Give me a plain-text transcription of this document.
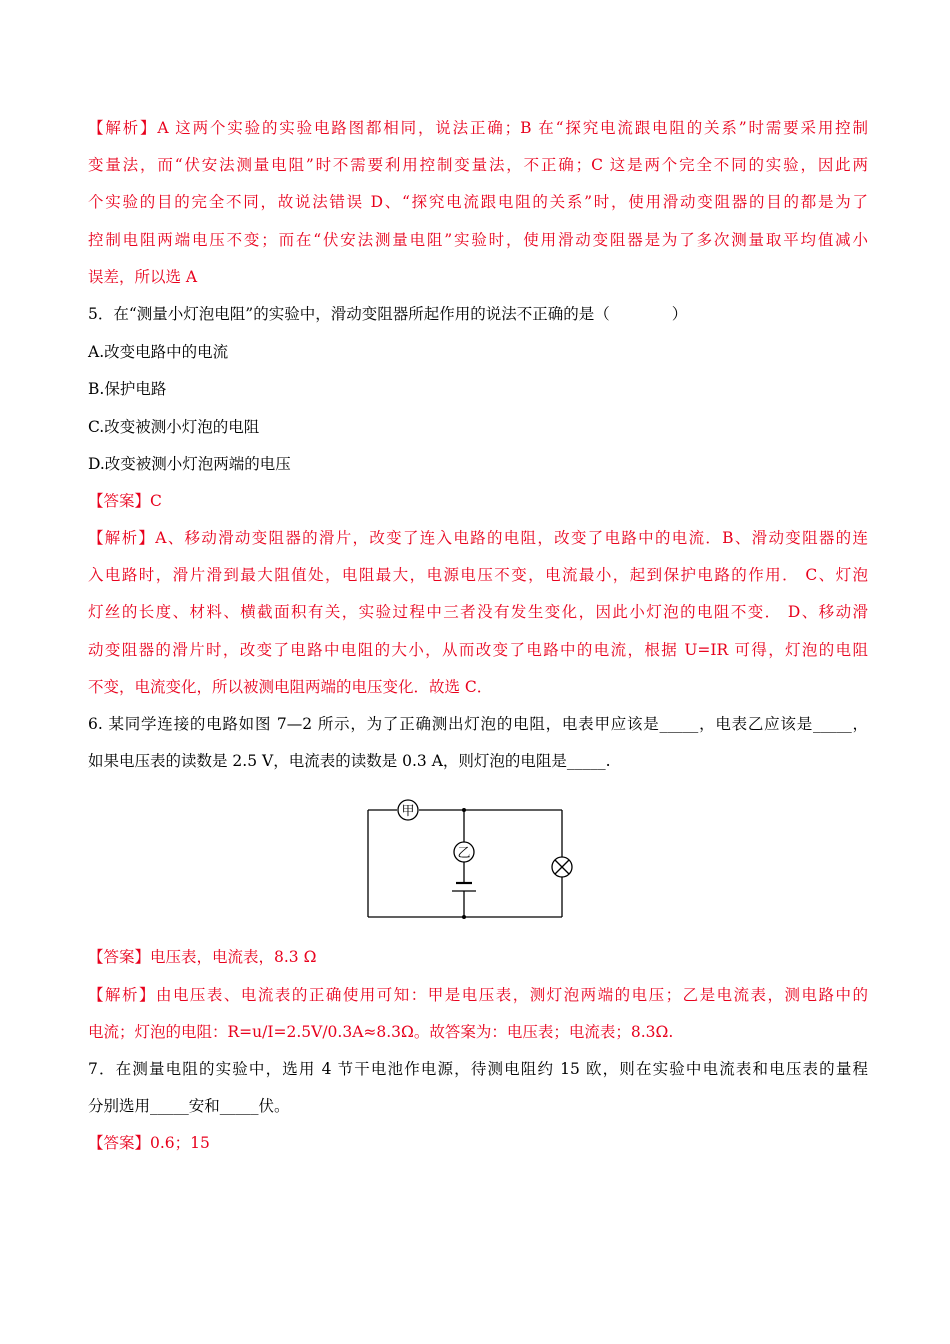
【解析】A 这两个实验的实验电路图都相同，说法正确；B 在“探究电流跟电阻的关系”时需要采用控制
变量法，而“伏安法测量电阻”时不需要利用控制变量法，不正确；C 这是两个完全不同的实验，因此两
个实验的目的完全不同，故说法错误 D、“探究电流跟电阻的关系”时，使用滑动变阻器的目的都是为了
控制电阻两端电压不变；而在“伏安法测量电阻”实验时，使用滑动变阻器是为了多次测量取平均值减小
误差，所以选 A
5．在“测量小灯泡电阻”的实验中，滑动变阻器所起作用的说法不正确的是（　　　　）
A.改变电路中的电流
B.保护电路
C.改变被测小灯泡的电阻
D.改变被测小灯泡两端的电压
【答案】C
【解析】A、移动滑动变阻器的滑片，改变了连入电路的电阻，改变了电路中的电流．B、滑动变阻器的连
入电路时，滑片滑到最大阻值处，电阻最大，电源电压不变，电流最小，起到保护电路的作用． C、灯泡
灯丝的长度、材料、横截面积有关，实验过程中三者没有发生变化，因此小灯泡的电阻不变． D、移动滑
动变阻器的滑片时，改变了电路中电阻的大小，从而改变了电路中的电流，根据 U=IR 可得，灯泡的电阻
不变，电流变化，所以被测电阻两端的电压变化．故选 C．
6. 某同学连接的电路如图 7—2 所示，为了正确测出灯泡的电阻，电表甲应该是_____，电表乙应该是_____，
如果电压表的读数是 2.5 V，电流表的读数是 0.3 A，则灯泡的电阻是_____.
甲
乙
【答案】电压表，电流表，8.3 Ω
【解析】由电压表、电流表的正确使用可知：甲是电压表，测灯泡两端的电压；乙是电流表，测电路中的
电流；灯泡的电阻：R=u/I=2.5V/0.3A≈8.3Ω。故答案为：电压表；电流表；8.3Ω.
7．在测量电阻的实验中，选用 4 节干电池作电源，待测电阻约 15 欧，则在实验中电流表和电压表的量程
分别选用_____安和_____伏。
【答案】0.6；15
